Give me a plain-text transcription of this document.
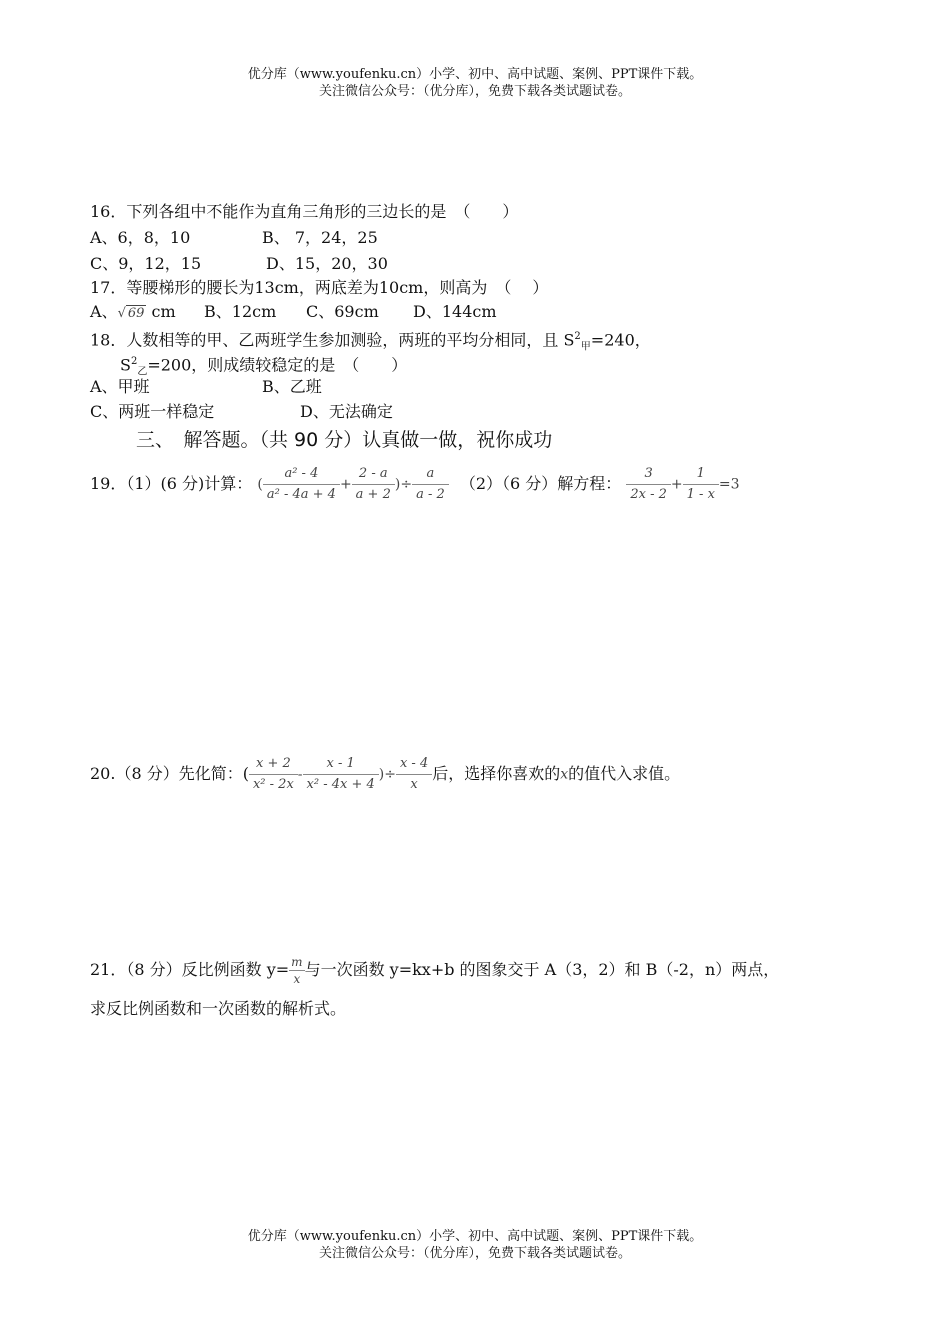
优分库（www.youfenku.cn）小学、初中、高中试题、案例、PPT课件下载。
关注微信公众号：（优分库），免费下载各类试题试卷。
16．下列各组中不能作为直角三角形的三边长的是　（　　）
A、6，8，10	B、 7，24，25
C、9，12，15	D、15，20，30
17．等腰梯形的腰长为13cm，两底差为10cm，则高为　（　 ）
A、√ 69 cm B、12cm C、69cm D、144cm
18．人数相等的甲、乙两班学生参加测验，两班的平均分相同，且 $S^2_甲=240$，
$S^2_乙=200$，则成绩较稳定的是　（　　）
A、甲班	B、乙班
C、两班一样稳定	D、无法确定
三、　解答题。（共 90 分）认真做一做，祝你成功
19．（1）(6 分)计算： ( $\frac{\text{a² - 4}}{\text{a² - 4a + 4}} + \frac{2 - a}{a + 2}$ )÷ $\frac{a}{a - 2} (2)(6$ 分）解方程： $\frac{3}{2x - 2} + \frac{1}{1 - x} =3$
20.（8 分）先化简：( $\frac{x + 2}{\text{x² - 2x}} - \frac{x - 1}{\text{x² - 4x + 4}}$ )÷ $\frac{x - 4}{x}$ 后，选择你喜欢的x的值代入求值。
21．（8 分）反比例函数 $y= \frac{m}{x}$ 与一次函数 y=kx+b 的图象交于 A（3，2）和 B（-2，n）两点，
求反比例函数和一次函数的解析式。
优分库（www.youfenku.cn）小学、初中、高中试题、案例、PPT课件下载。
关注微信公众号：（优分库），免费下载各类试题试卷。
